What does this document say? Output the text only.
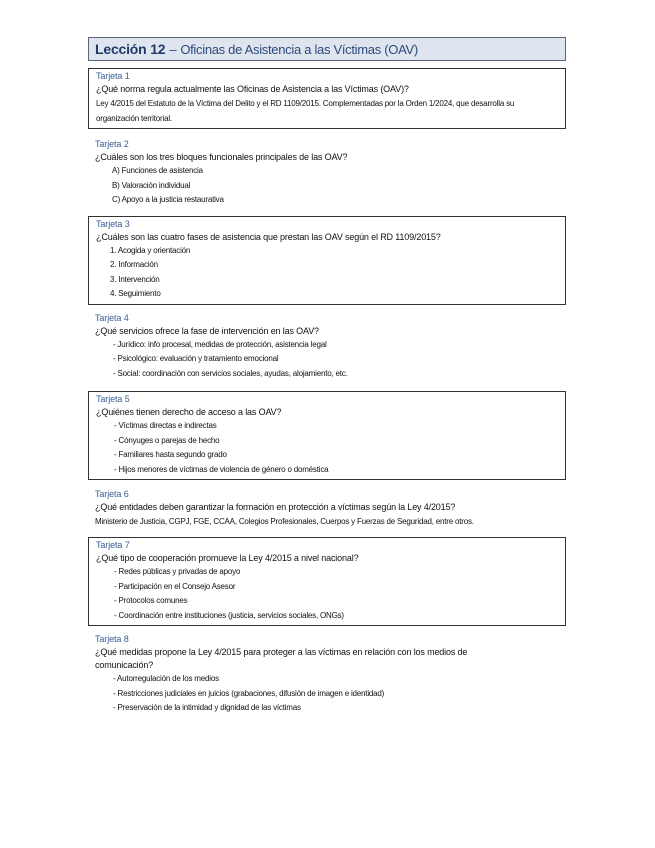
Lección 12 – Oficinas de Asistencia a las Víctimas (OAV)
Tarjeta 1
¿Qué norma regula actualmente las Oficinas de Asistencia a las Víctimas (OAV)?
Ley 4/2015 del Estatuto de la Víctima del Delito y el RD 1109/2015. Complementadas por la Orden 1/2024, que desarrolla su organización territorial.
Tarjeta 2
¿Cuáles son los tres bloques funcionales principales de las OAV?
A) Funciones de asistencia
B) Valoración individual
C) Apoyo a la justicia restaurativa
Tarjeta 3
¿Cuáles son las cuatro fases de asistencia que prestan las OAV según el RD 1109/2015?
1. Acogida y orientación
2. Información
3. Intervención
4. Seguimiento
Tarjeta 4
¿Qué servicios ofrece la fase de intervención en las OAV?
- Jurídico: info procesal, medidas de protección, asistencia legal
- Psicológico: evaluación y tratamiento emocional
- Social: coordinación con servicios sociales, ayudas, alojamiento, etc.
Tarjeta 5
¿Quiénes tienen derecho de acceso a las OAV?
- Víctimas directas e indirectas
- Cónyuges o parejas de hecho
- Familiares hasta segundo grado
- Hijos menores de víctimas de violencia de género o doméstica
Tarjeta 6
¿Qué entidades deben garantizar la formación en protección a víctimas según la Ley 4/2015?
Ministerio de Justicia, CGPJ, FGE, CCAA, Colegios Profesionales, Cuerpos y Fuerzas de Seguridad, entre otros.
Tarjeta 7
¿Qué tipo de cooperación promueve la Ley 4/2015 a nivel nacional?
- Redes públicas y privadas de apoyo
- Participación en el Consejo Asesor
- Protocolos comunes
- Coordinación entre instituciones (justicia, servicios sociales, ONGs)
Tarjeta 8
¿Qué medidas propone la Ley 4/2015 para proteger a las víctimas en relación con los medios de comunicación?
- Autorregulación de los medios
- Restricciones judiciales en juicios (grabaciones, difusión de imagen e identidad)
- Preservación de la intimidad y dignidad de las víctimas
